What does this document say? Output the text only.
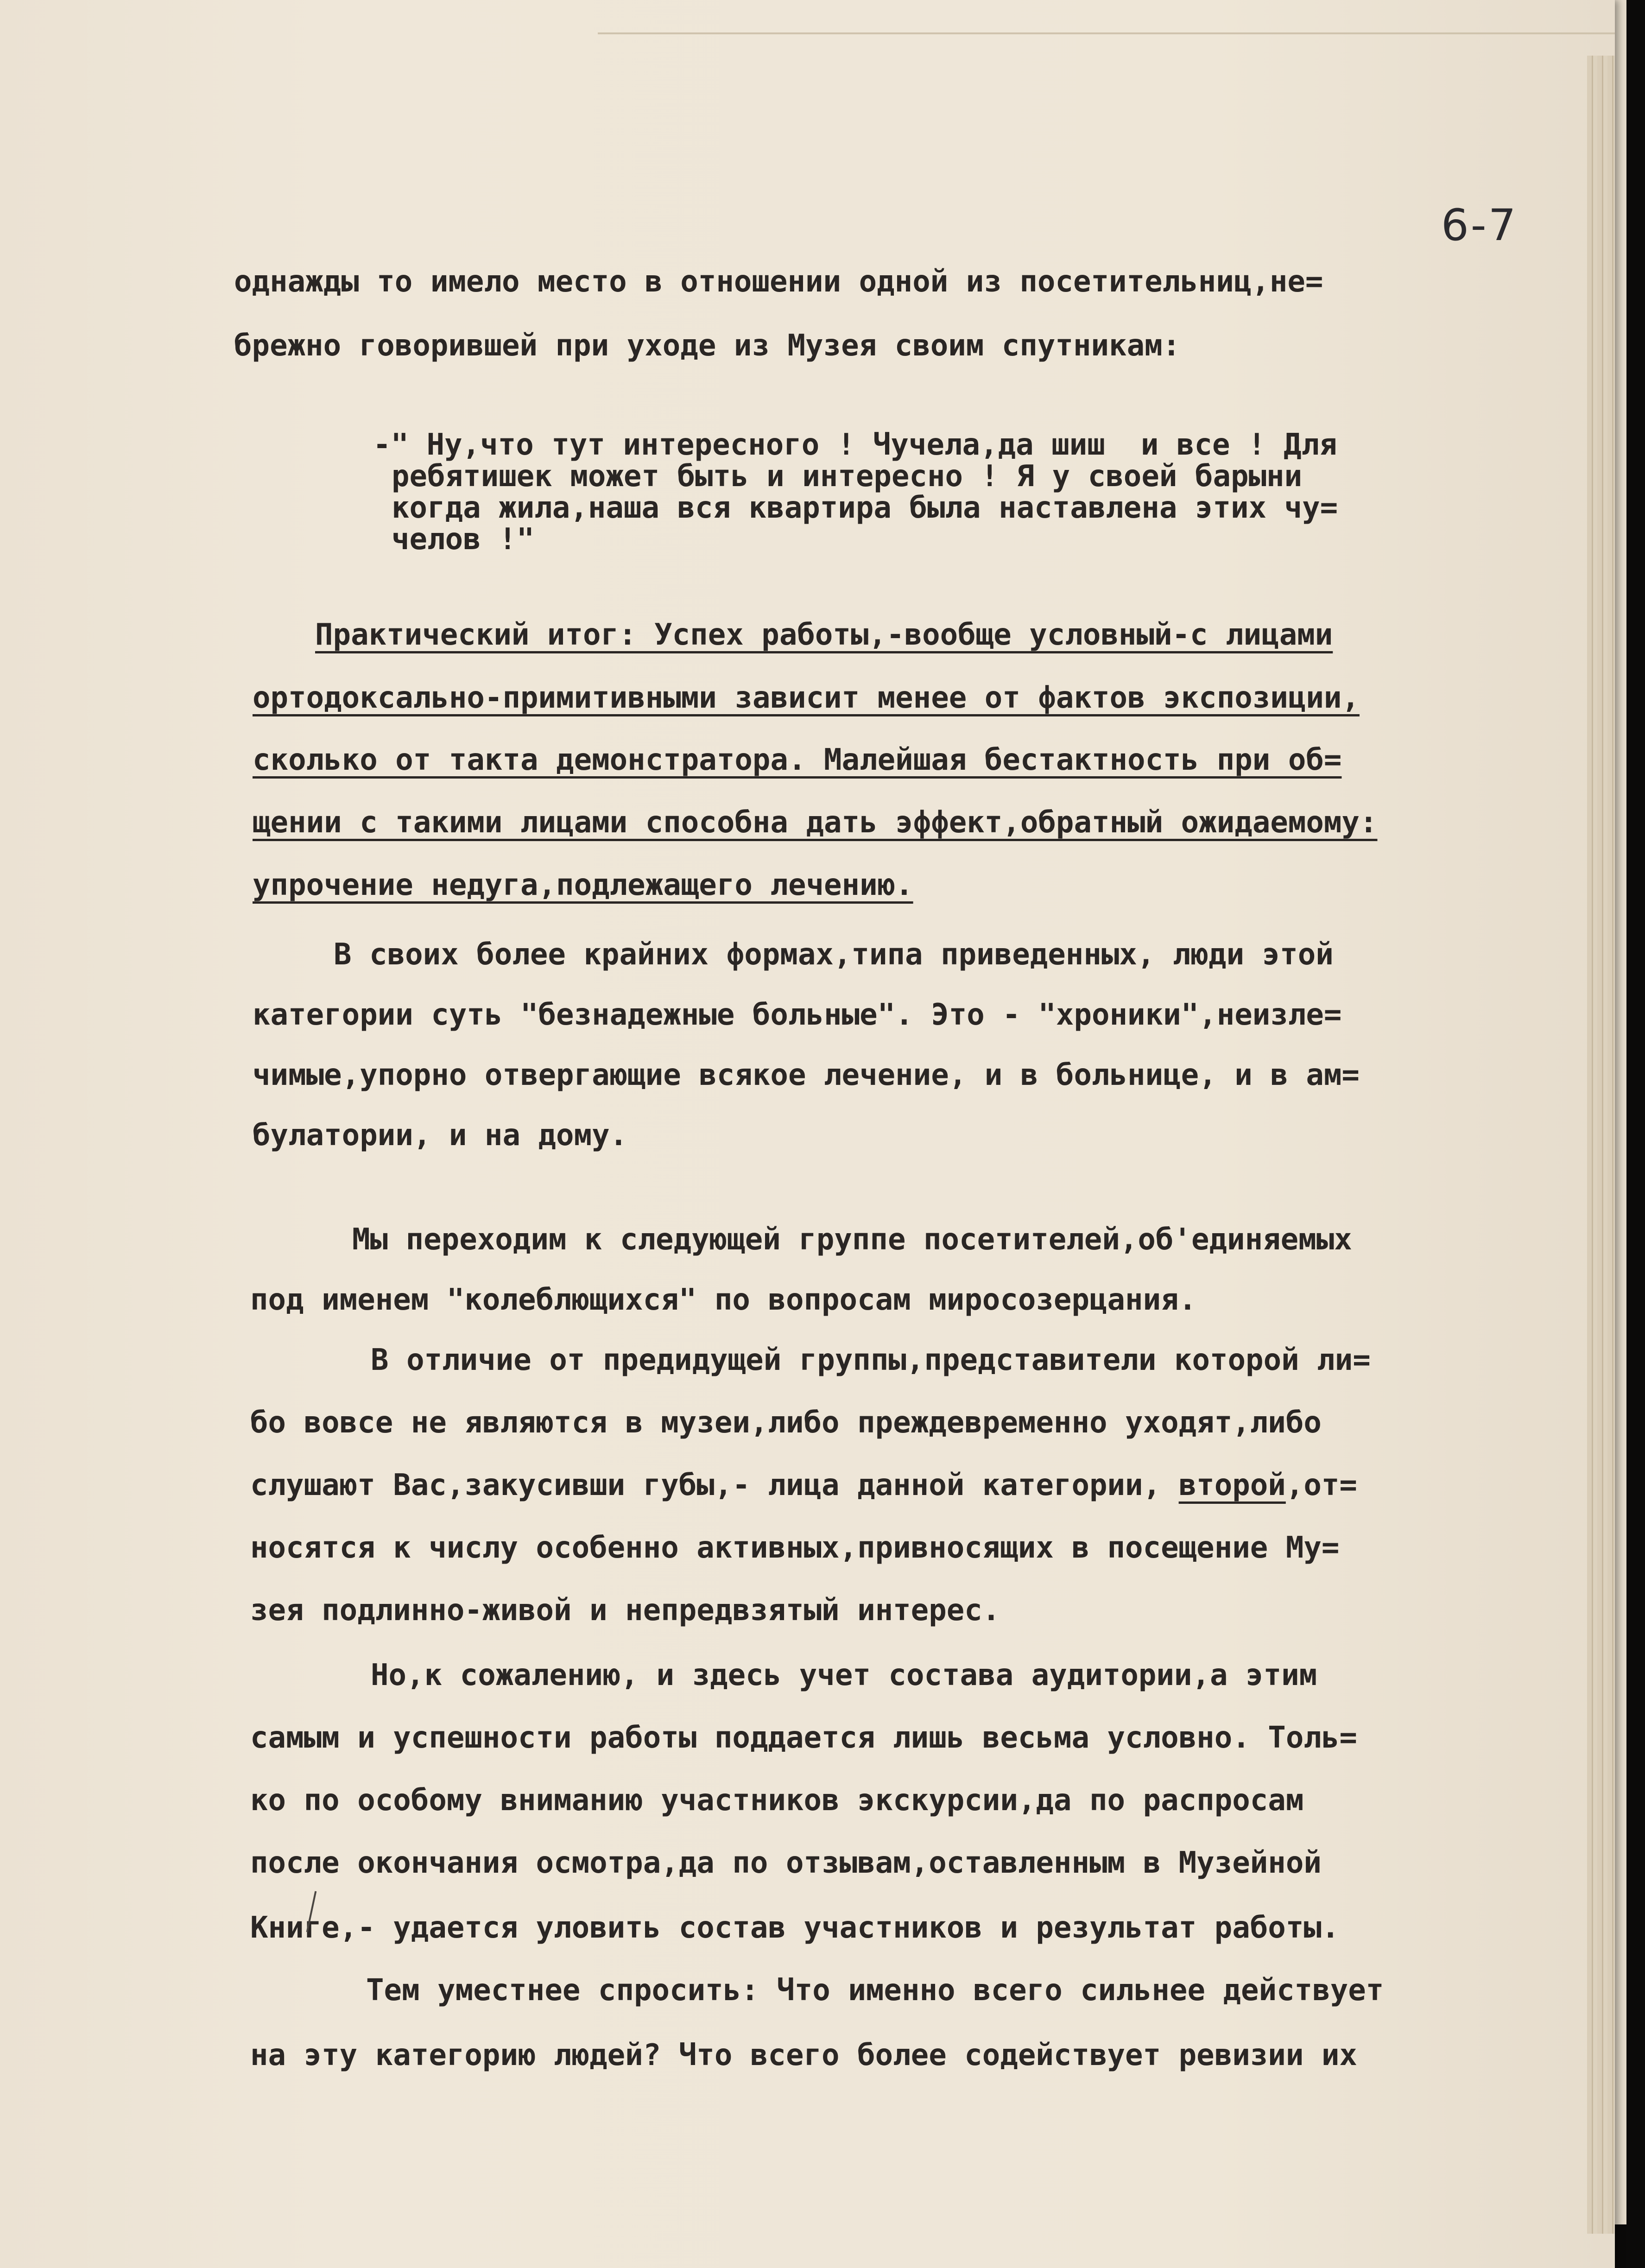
6-7
однажды то имело место в отношении одной из посетительниц,не=
брежно говорившей при уходе из Музея своим спутникам:
-" Ну,что тут интересного ! Чучела,да шиш  и все ! Для
ребятишек может быть и интересно ! Я у своей барыни
когда жила,наша вся квартира была наставлена этих чу=
челов !"
Практический итог: Успех работы,-вообще условный-с лицами
ортодоксально-примитивными зависит менее от фактов экспозиции,
сколько от такта демонстратора. Малейшая бестактность при об=
щении с такими лицами способна дать эффект,обратный ожидаемому:
упрочение недуга,подлежащего лечению.
В своих более крайних формах,типа приведенных, люди этой
категории суть "безнадежные больные". Это - "хроники",неизле=
чимые,упорно отвергающие всякое лечение, и в больнице, и в ам=
булатории, и на дому.
Мы переходим к следующей группе посетителей,об'единяемых
под именем "колеблющихся" по вопросам миросозерцания.
В отличие от предидущей группы,представители которой ли=
бо вовсе не являются в музеи,либо преждевременно уходят,либо
слушают Вас,закусивши губы,- лица данной категории, второй,от=
носятся к числу особенно активных,привносящих в посещение Му=
зея подлинно-живой и непредвзятый интерес.
Но,к сожалению, и здесь учет состава аудитории,а этим
самым и успешности работы поддается лишь весьма условно. Толь=
ко по особому вниманию участников экскурсии,да по распросам
после окончания осмотра,да по отзывам,оставленным в Музейной
Книге,- удается уловить состав участников и результат работы.
Тем уместнее спросить: Что именно всего сильнее действует
на эту категорию людей? Что всего более содействует ревизии их
